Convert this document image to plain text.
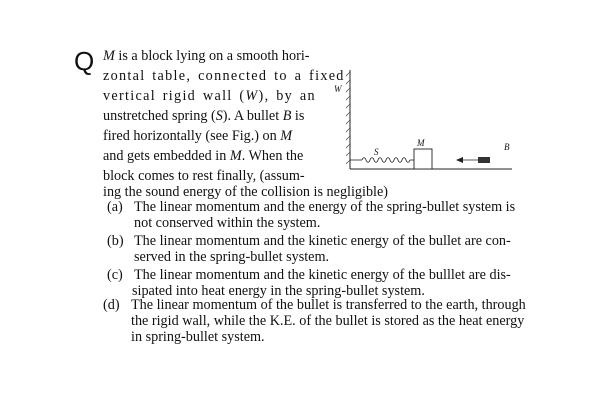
Q M is a block lying on a smooth hori-
zontal table, connected to a fixed
vertical rigid wall (W), by an
unstretched spring (S). A bullet B is
fired horizontally (see Fig.) on M
and gets embedded in M. When the
block comes to rest finally, (assum-
ing the sound energy of the collision is negligible)
(a) The linear momentum and the energy of the spring-bullet system is
not conserved within the system.
(b) The linear momentum and the kinetic energy of the bullet are con-
served in the spring-bullet system.
(c) The linear momentum and the kinetic energy of the bulllet are dis-
sipated into heat energy in the spring-bullet system.
(d) The linear momentum of the bullet is transferred to the earth, through
the rigid wall, while the K.E. of the bullet is stored as the heat energy
in spring-bullet system.
W
S
M	B
